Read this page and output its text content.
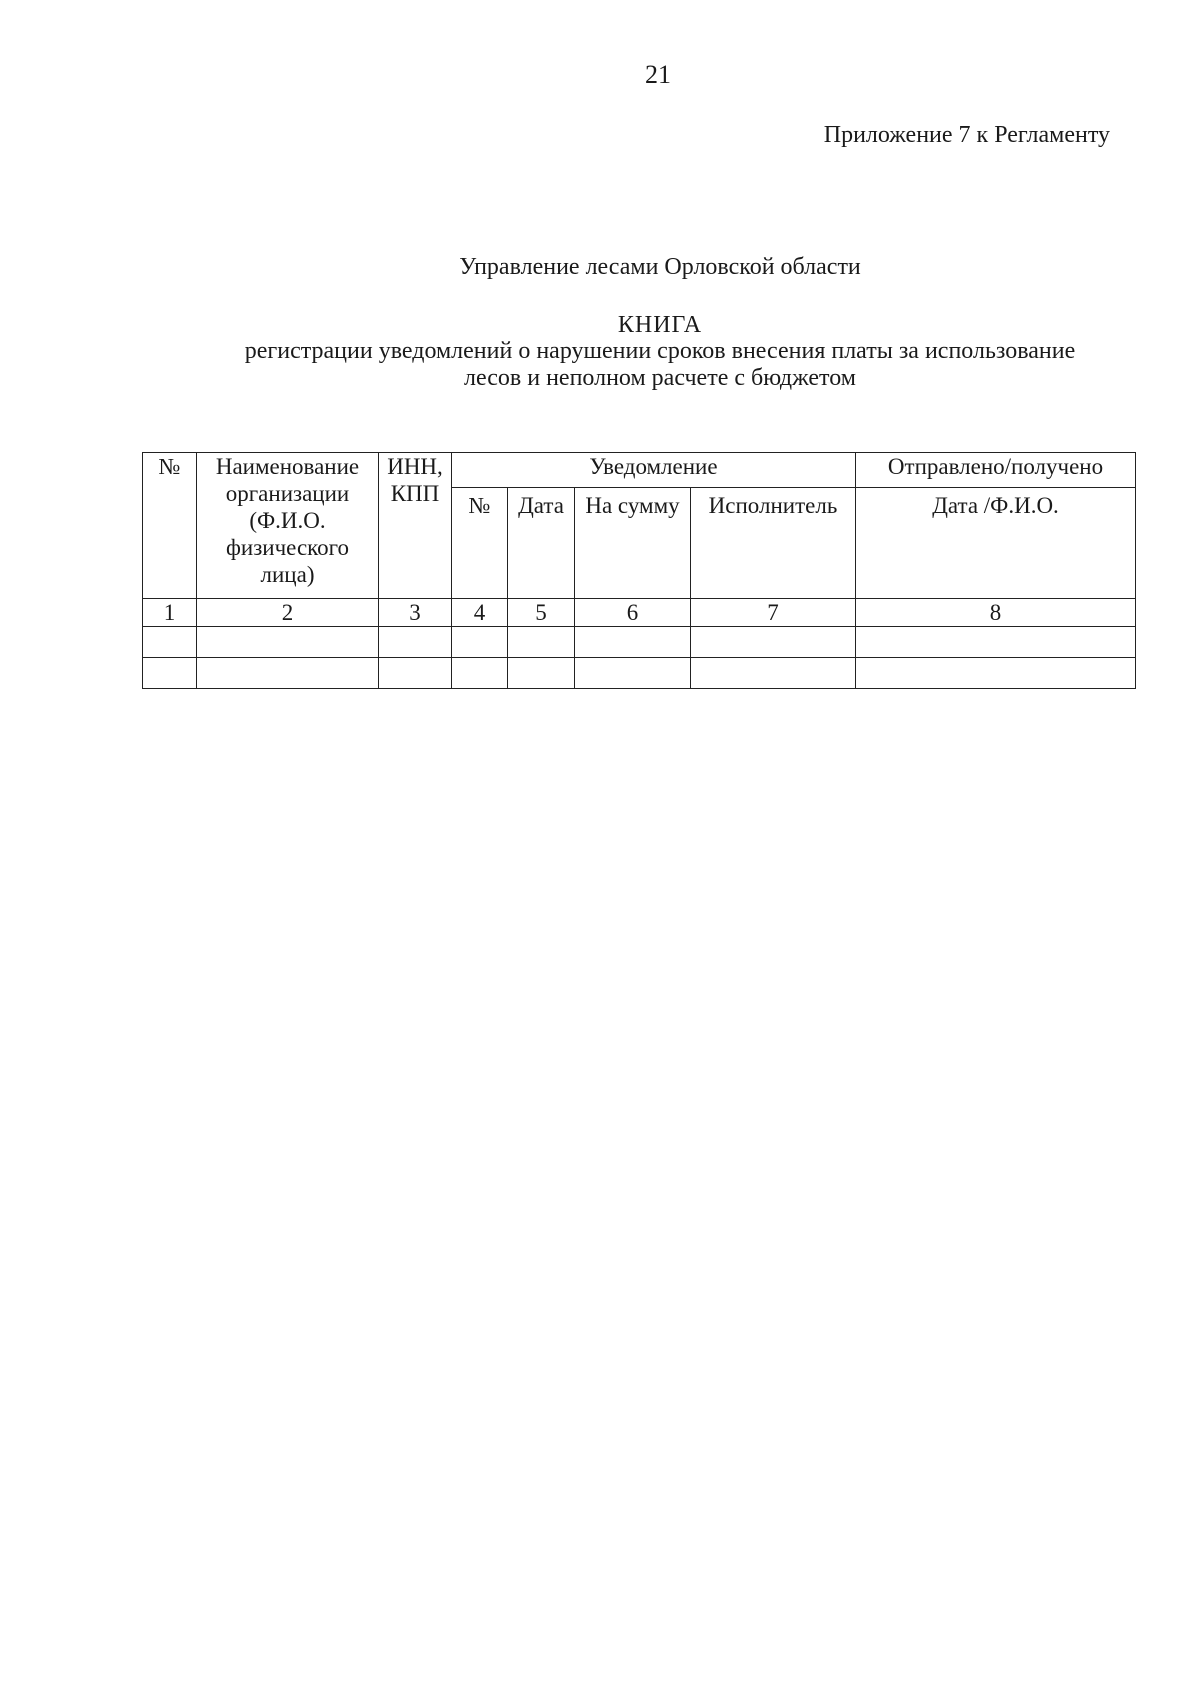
21
Приложение 7 к Регламенту
Управление лесами Орловской области
КНИГА
регистрации уведомлений о нарушении сроков внесения платы за использование лесов и неполном расчете с бюджетом
№	Наименование организации (Ф.И.О. физического лица)	ИНН, КПП	Уведомление				Отправлено/получено
			№	Дата	На сумму	Исполнитель	Дата /Ф.И.О.
1	2	3	4	5	6	7	8
